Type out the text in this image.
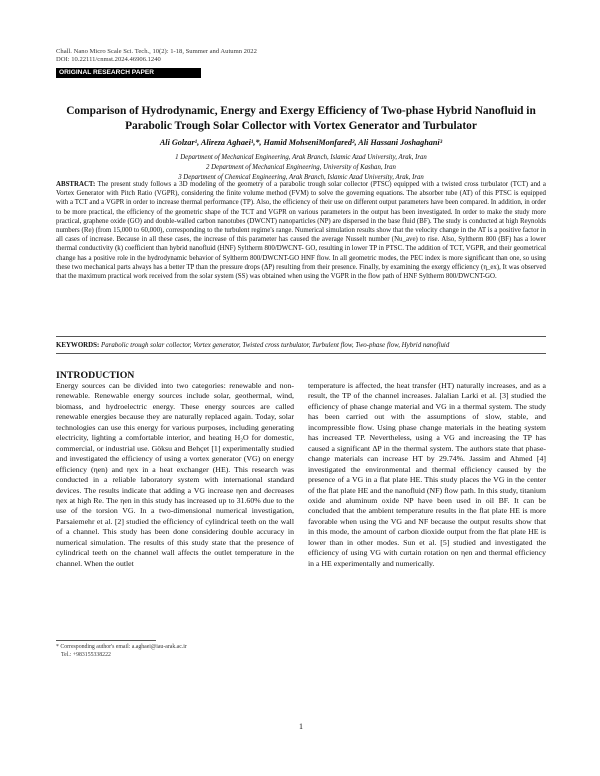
Chall. Nano Micro Scale Sci. Tech., 10(2): 1-18, Summer and Autumn 2022
DOI: 10.22111/cnmst.2024.46906.1240
ORIGINAL RESEARCH PAPER
Comparison of Hydrodynamic, Energy and Exergy Efficiency of Two-phase Hybrid Nanofluid in Parabolic Trough Solar Collector with Vortex Generator and Turbulator
Ali Golzar¹, Alireza Aghaei¹,*, Hamid MohseniMonfared², Ali Hassani Joshaghani³
1 Department of Mechanical Engineering, Arak Branch, Islamic Azad University, Arak, Iran
2 Department of Mechanical Engineering, University of Kashan, Iran
3 Department of Chemical Engineering, Arak Branch, Islamic Azad University, Arak, Iran
ABSTRACT: The present study follows a 3D modeling of the geometry of a parabolic trough solar collector (PTSC) equipped with a twisted cross turbulator (TCT) and a Vortex Generator with Pitch Ratio (VGPR), considering the finite volume method (FVM) to solve the governing equations. The absorber tube (AT) of this PTSC is equipped with a TCT and a VGPR in order to increase thermal performance (TP). Also, the efficiency of their use on different output parameters have been compared. In addition, in order to be more practical, the efficiency of the geometric shape of the TCT and VGPR on various parameters in the output has been investigated. In order to make the study more practical, graphene oxide (GO) and double-walled carbon nanotubes (DWCNT) nanoparticles (NP) are dispersed in the base fluid (BF). The study is conducted at high Reynolds numbers (Re) (from 15,000 to 60,000), corresponding to the turbulent regime's range. Numerical simulation results show that the velocity change in the AT is a positive factor in all cases of increase. Because in all these cases, the increase of this parameter has caused the average Nusselt number (Nu_ave) to rise. Also, Syltherm 800 (BF) has a lower thermal conductivity (k) coefficient than hybrid nanofluid (HNF) Syltherm 800/DWCNT- GO, resulting in lower TP in PTSC. The addition of TCT, VGPR, and their geometrical change has a positive role in the hydrodynamic behavior of Syltherm 800/DWCNT-GO HNF flow. In all geometric modes, the PEC index is more significant than one, so using these two mechanical parts always has a better TP than the pressure drops (ΔP) resulting from their presence. Finally, by examining the exergy efficiency (η_ex), It was observed that the maximum practical work received from the solar system (SS) was obtained when using the VGPR in the flow path of HNF Syltherm 800/DWCNT-GO.
KEYWORDS: Parabolic trough solar collector, Vortex generator, Twisted cross turbulator, Turbulent flow, Two-phase flow, Hybrid nanofluid
INTRODUCTION
Energy sources can be divided into two categories: renewable and non-renewable. Renewable energy sources include solar, geothermal, wind, biomass, and hydroelectric energy. These energy sources are called renewable energies because they are naturally replaced again. Today, solar technologies can use this energy for various purposes, including generating electricity, lighting a comfortable interior, and heating H₂O for domestic, commercial, or industrial use. Göksu and Behçet [1] experimentally studied and investigated the efficiency of using a vortex generator (VG) on energy efficiency (ηen) and ηex in a heat exchanger (HE). This research was conducted in a reliable laboratory system with international standard devices. The results indicate that adding a VG increase ηen and decreases ηex at high Re. The ηen in this study has increased up to 31.60% due to the use of the torsion VG. In a two-dimensional numerical investigation, Parsaiemehr et al. [2] studied the efficiency of cylindrical teeth on the wall of a channel. This study has been done considering double accuracy in numerical simulation. The results of this study state that the presence of cylindrical teeth on the channel wall affects the outlet temperature in the channel. When the outlet
temperature is affected, the heat transfer (HT) naturally increases, and as a result, the TP of the channel increases. Jalalian Larki et al. [3] studied the efficiency of phase change material and VG in a thermal system. The study has been carried out with the assumptions of slow, stable, and incompressible flow. Using phase change materials in the heating system has increased TP. Nevertheless, using a VG and increasing the TP has caused a significant ΔP in the thermal system. The authors state that phase-change materials can increase HT by 29.74%. Jassim and Ahmed [4] investigated the environmental and thermal efficiency caused by the presence of a VG in a flat plate HE. This study places the VG in the center of the flat plate HE and the nanofluid (NF) flow path. In this study, titanium oxide and aluminum oxide NP have been used in oil BF. It can be concluded that the ambient temperature results in the flat plate HE is more favorable when using the VG and NF because the output results show that in this mode, the amount of carbon dioxide output from the flat plate HE is lower than in other modes. Sun et al. [5] studied and investigated the efficiency of using VG with curtain rotation on ηen and thermal efficiency in a HE experimentally and numerically.
* Corresponding author's email: a.aghaei@iau-arak.ac.ir
Tel.: +983155338222
1
